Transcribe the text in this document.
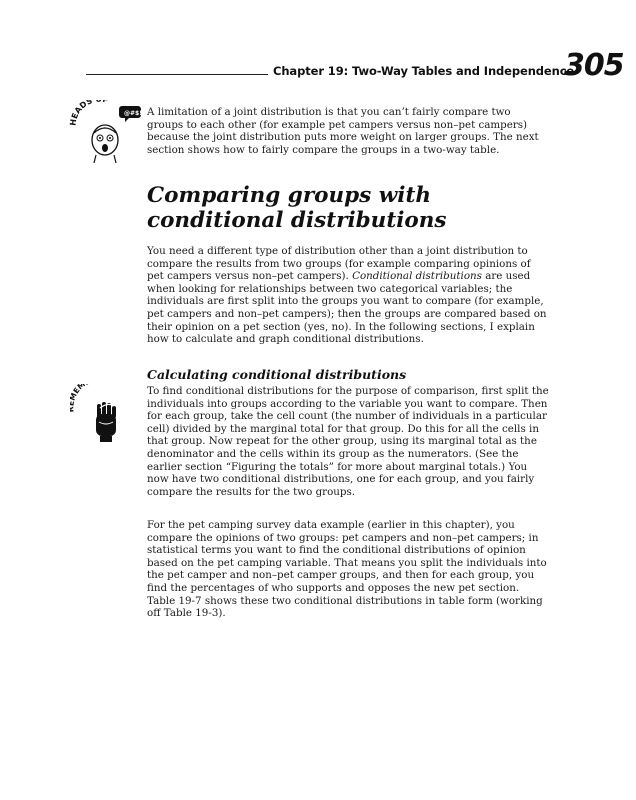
Chapter 19: Two-Way Tables and Independence
305
HEADS
@#$! A limitation of a joint distribution is that you can’t fairly compare two groups to each other (for example pet campers versus non–pet campers) because the joint distribution puts more weight on larger groups. The next section shows how to fairly compare the groups in a two-way table.

Comparing groups with conditional distributions

You need a different type of distribution other than a joint distribution to compare the results from two groups (for example comparing opinions of pet campers versus non–pet campers). Conditional distributions are used when looking for relationships between two categorical variables; the individuals are first split into the groups you want to compare (for example, pet campers and non–pet campers); then the groups are compared based on their opinion on a pet section (yes, no). In the following sections, I explain how to calculate and graph conditional distributions.

Calculating conditional distributions
EM	To find conditional distributions for the purpose of comparison, first split the individuals into groups according to the variable you want to compare. Then for each group, take the cell count (the number of individuals in a particular cell) divided by the marginal total for that group. Do this for all the cells in that group. Now repeat for the other group, using its marginal total as the denominator and the cells within its group as the numerators. (See the earlier section “Figuring the totals” for more about marginal totals.) You now have two conditional distributions, one for each group, and you fairly compare the results for the two groups.

For the pet camping survey data example (earlier in this chapter), you compare the opinions of two groups: pet campers and non–pet campers; in statistical terms you want to find the conditional distributions of opinion based on the pet camping variable. That means you split the individuals into the pet camper and non–pet camper groups, and then for each group, you find the percentages of who supports and opposes the new pet section. Table 19-7 shows these two conditional distributions in table form (working off Table 19-3).
